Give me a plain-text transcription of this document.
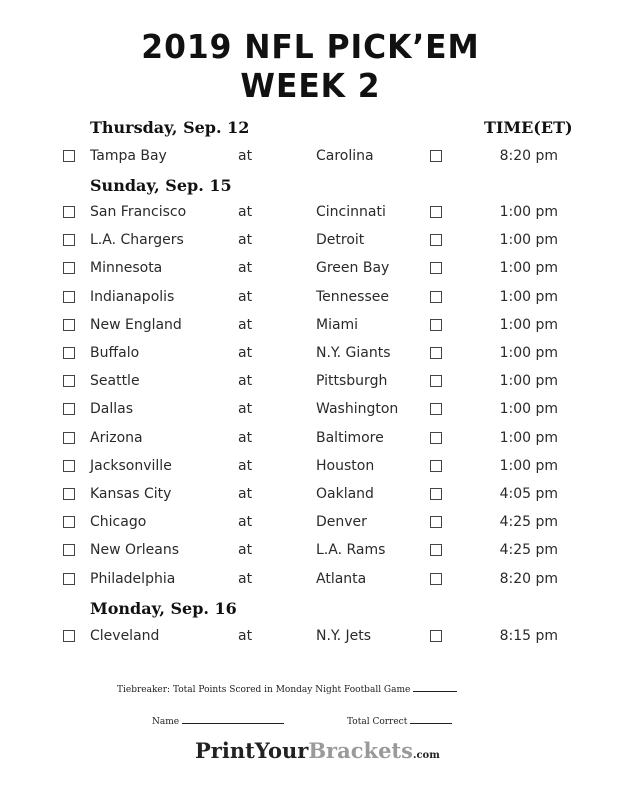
2019 NFL PICK’EM
WEEK 2
TIME(ET)
Thursday, Sep. 12
Tampa Bay	at	Carolina	8:20 pm
Sunday, Sep. 15
San Francisco	at	Cincinnati	1:00 pm
L.A. Chargers	at	Detroit	1:00 pm
Minnesota	at	Green Bay	1:00 pm
Indianapolis	at	Tennessee	1:00 pm
New England	at	Miami	1:00 pm
Buffalo	at	N.Y. Giants	1:00 pm
Seattle	at	Pittsburgh	1:00 pm
Dallas	at	Washington	1:00 pm
Arizona	at	Baltimore	1:00 pm
Jacksonville	at	Houston	1:00 pm
Kansas City	at	Oakland	4:05 pm
Chicago	at	Denver	4:25 pm
New Orleans	at	L.A. Rams	4:25 pm
Philadelphia	at	Atlanta	8:20 pm
Monday, Sep. 16
Cleveland	at	N.Y. Jets	8:15 pm
Tiebreaker: Total Points Scored in Monday Night Football Game
Name	Total Correct
PrintYourBrackets.com
